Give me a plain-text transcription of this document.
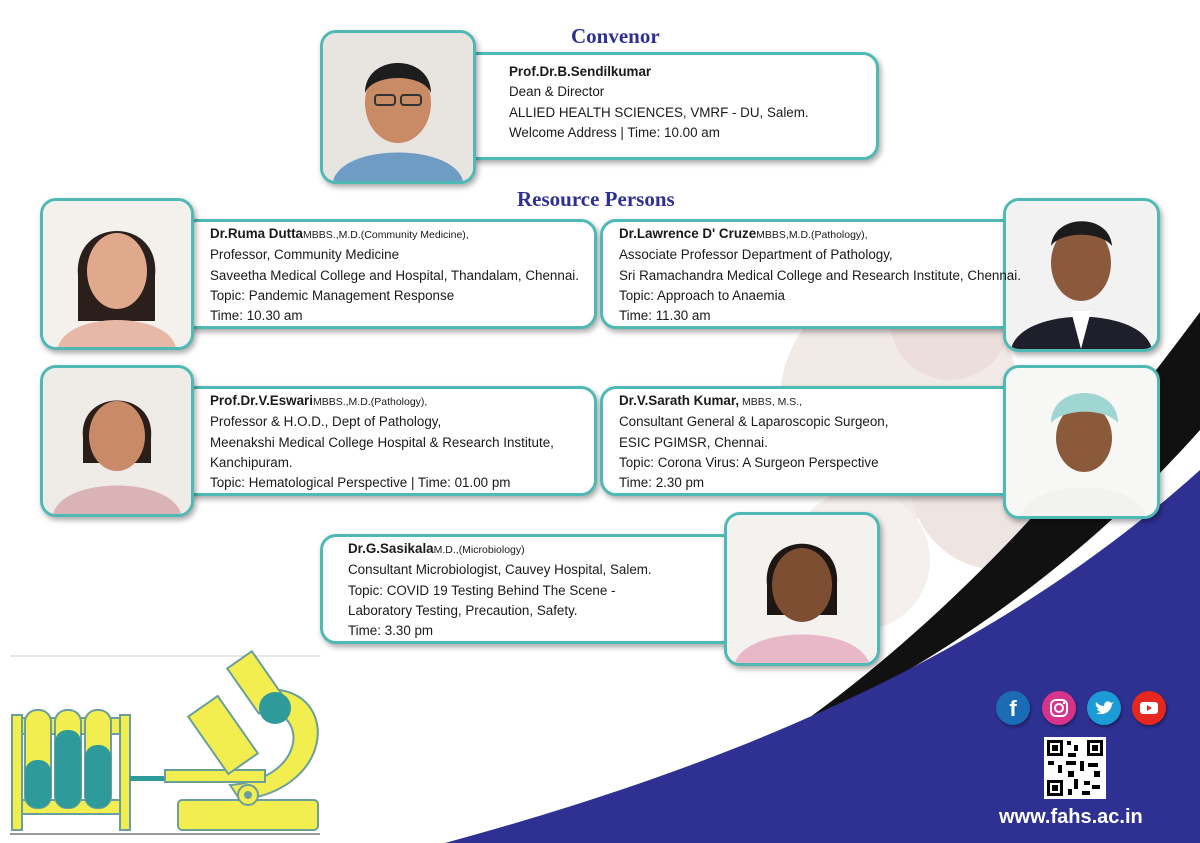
Convenor
Resource Persons
Prof.Dr.B.Sendilkumar
Dean & Director
ALLIED HEALTH SCIENCES, VMRF - DU, Salem.
Welcome Address | Time: 10.00 am
Dr.Ruma DuttaMBBS.,M.D.(Community Medicine),
Professor, Community Medicine
Saveetha Medical College and Hospital, Thandalam, Chennai.
Topic: Pandemic Management Response
Time: 10.30 am
Dr.Lawrence D' CruzeMBBS,M.D.(Pathology),
Associate Professor Department of Pathology,
Sri Ramachandra Medical College and Research Institute, Chennai.
Topic: Approach to Anaemia
Time: 11.30 am
Prof.Dr.V.EswariMBBS.,M.D.(Pathology),
Professor & H.O.D., Dept of Pathology,
Meenakshi Medical College Hospital & Research Institute,
Kanchipuram.
Topic: Hematological Perspective | Time: 01.00 pm
Dr.V.Sarath Kumar, MBBS, M.S.,
Consultant General & Laparoscopic Surgeon,
ESIC PGIMSR, Chennai.
Topic: Corona Virus: A Surgeon Perspective
Time: 2.30 pm
Dr.G.SasikalaM.D.,(Microbiology)
Consultant Microbiologist, Cauvey Hospital, Salem.
Topic: COVID 19 Testing Behind The Scene -
Laboratory Testing, Precaution, Safety.
Time: 3.30 pm
f
www.fahs.ac.in
